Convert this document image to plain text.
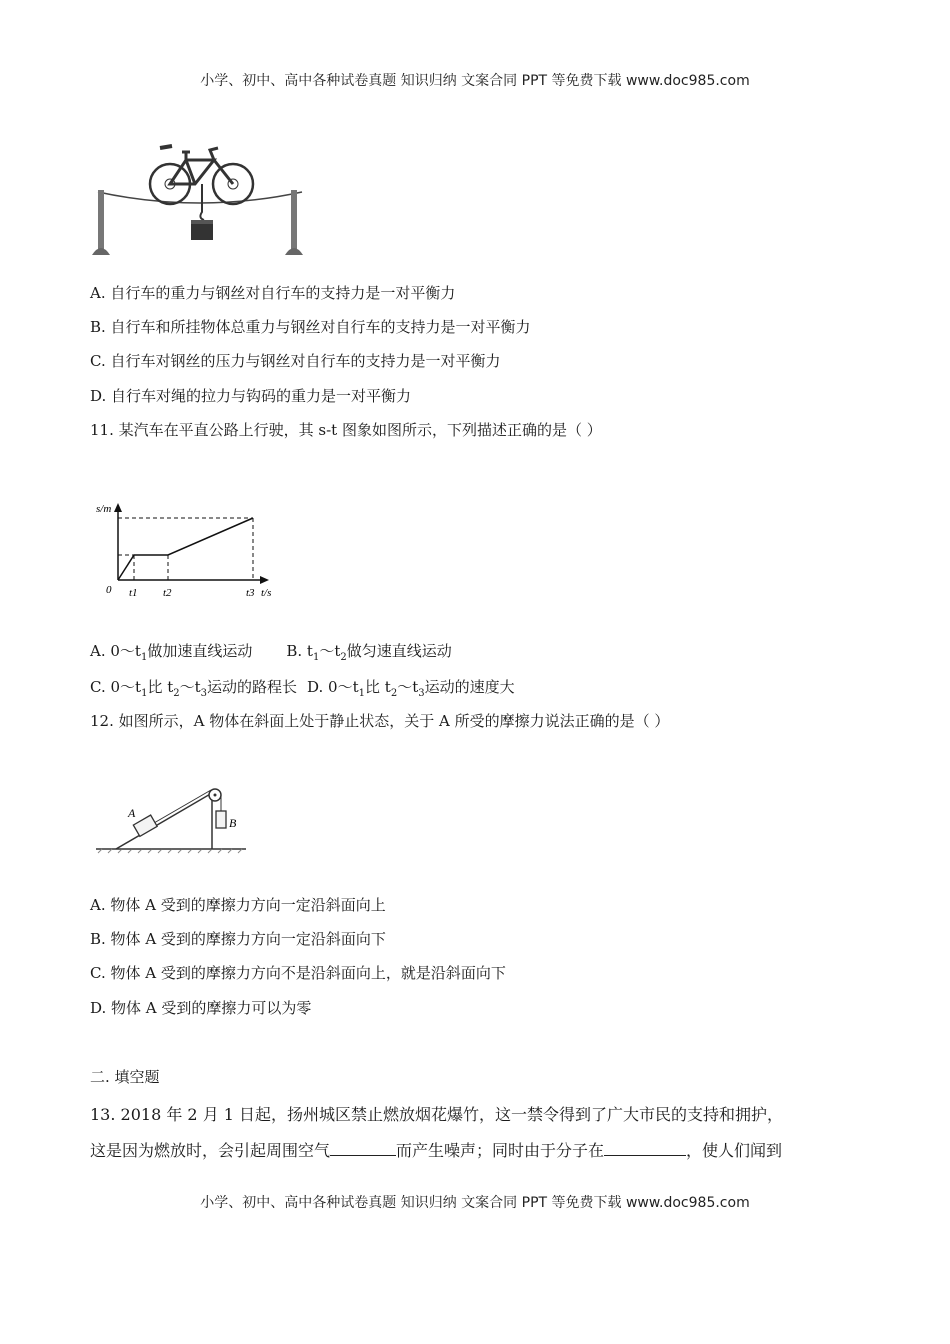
小学、初中、高中各种试卷真题 知识归纳 文案合同 PPT 等免费下载 www.doc985.com
A. 自行车的重力与钢丝对自行车的支持力是一对平衡力
B. 自行车和所挂物体总重力与钢丝对自行车的支持力是一对平衡力
C. 自行车对钢丝的压力与钢丝对自行车的支持力是一对平衡力
D. 自行车对绳的拉力与钩码的重力是一对平衡力
11. 某汽车在平直公路上行驶，其 s-t 图象如图所示，下列描述正确的是（ ）
s/m
0 t1 t2	t3 t/s
A. $0\sim t_1$做加速直线运动 B. $t_1\sim t_2$做匀速直线运动
C. $0\sim t_1$比 $t_2\sim t_3$运动的路程长 D. $0\sim t_1$比 $t_2\sim t_3$运动的速度大
12. 如图所示，A 物体在斜面上处于静止状态，关于 A 所受的摩擦力说法正确的是（ ）
A
B
A. 物体 A 受到的摩擦力方向一定沿斜面向上
B. 物体 A 受到的摩擦力方向一定沿斜面向下
C. 物体 A 受到的摩擦力方向不是沿斜面向上，就是沿斜面向下
D. 物体 A 受到的摩擦力可以为零
二. 填空题
13. 2018 年 2 月 1 日起，扬州城区禁止燃放烟花爆竹，这一禁令得到了广大市民的支持和拥护，
这是因为燃放时，会引起周围空气	而产生噪声；同时由于分子在	，使人们闻到
小学、初中、高中各种试卷真题 知识归纳 文案合同 PPT 等免费下载 www.doc985.com
